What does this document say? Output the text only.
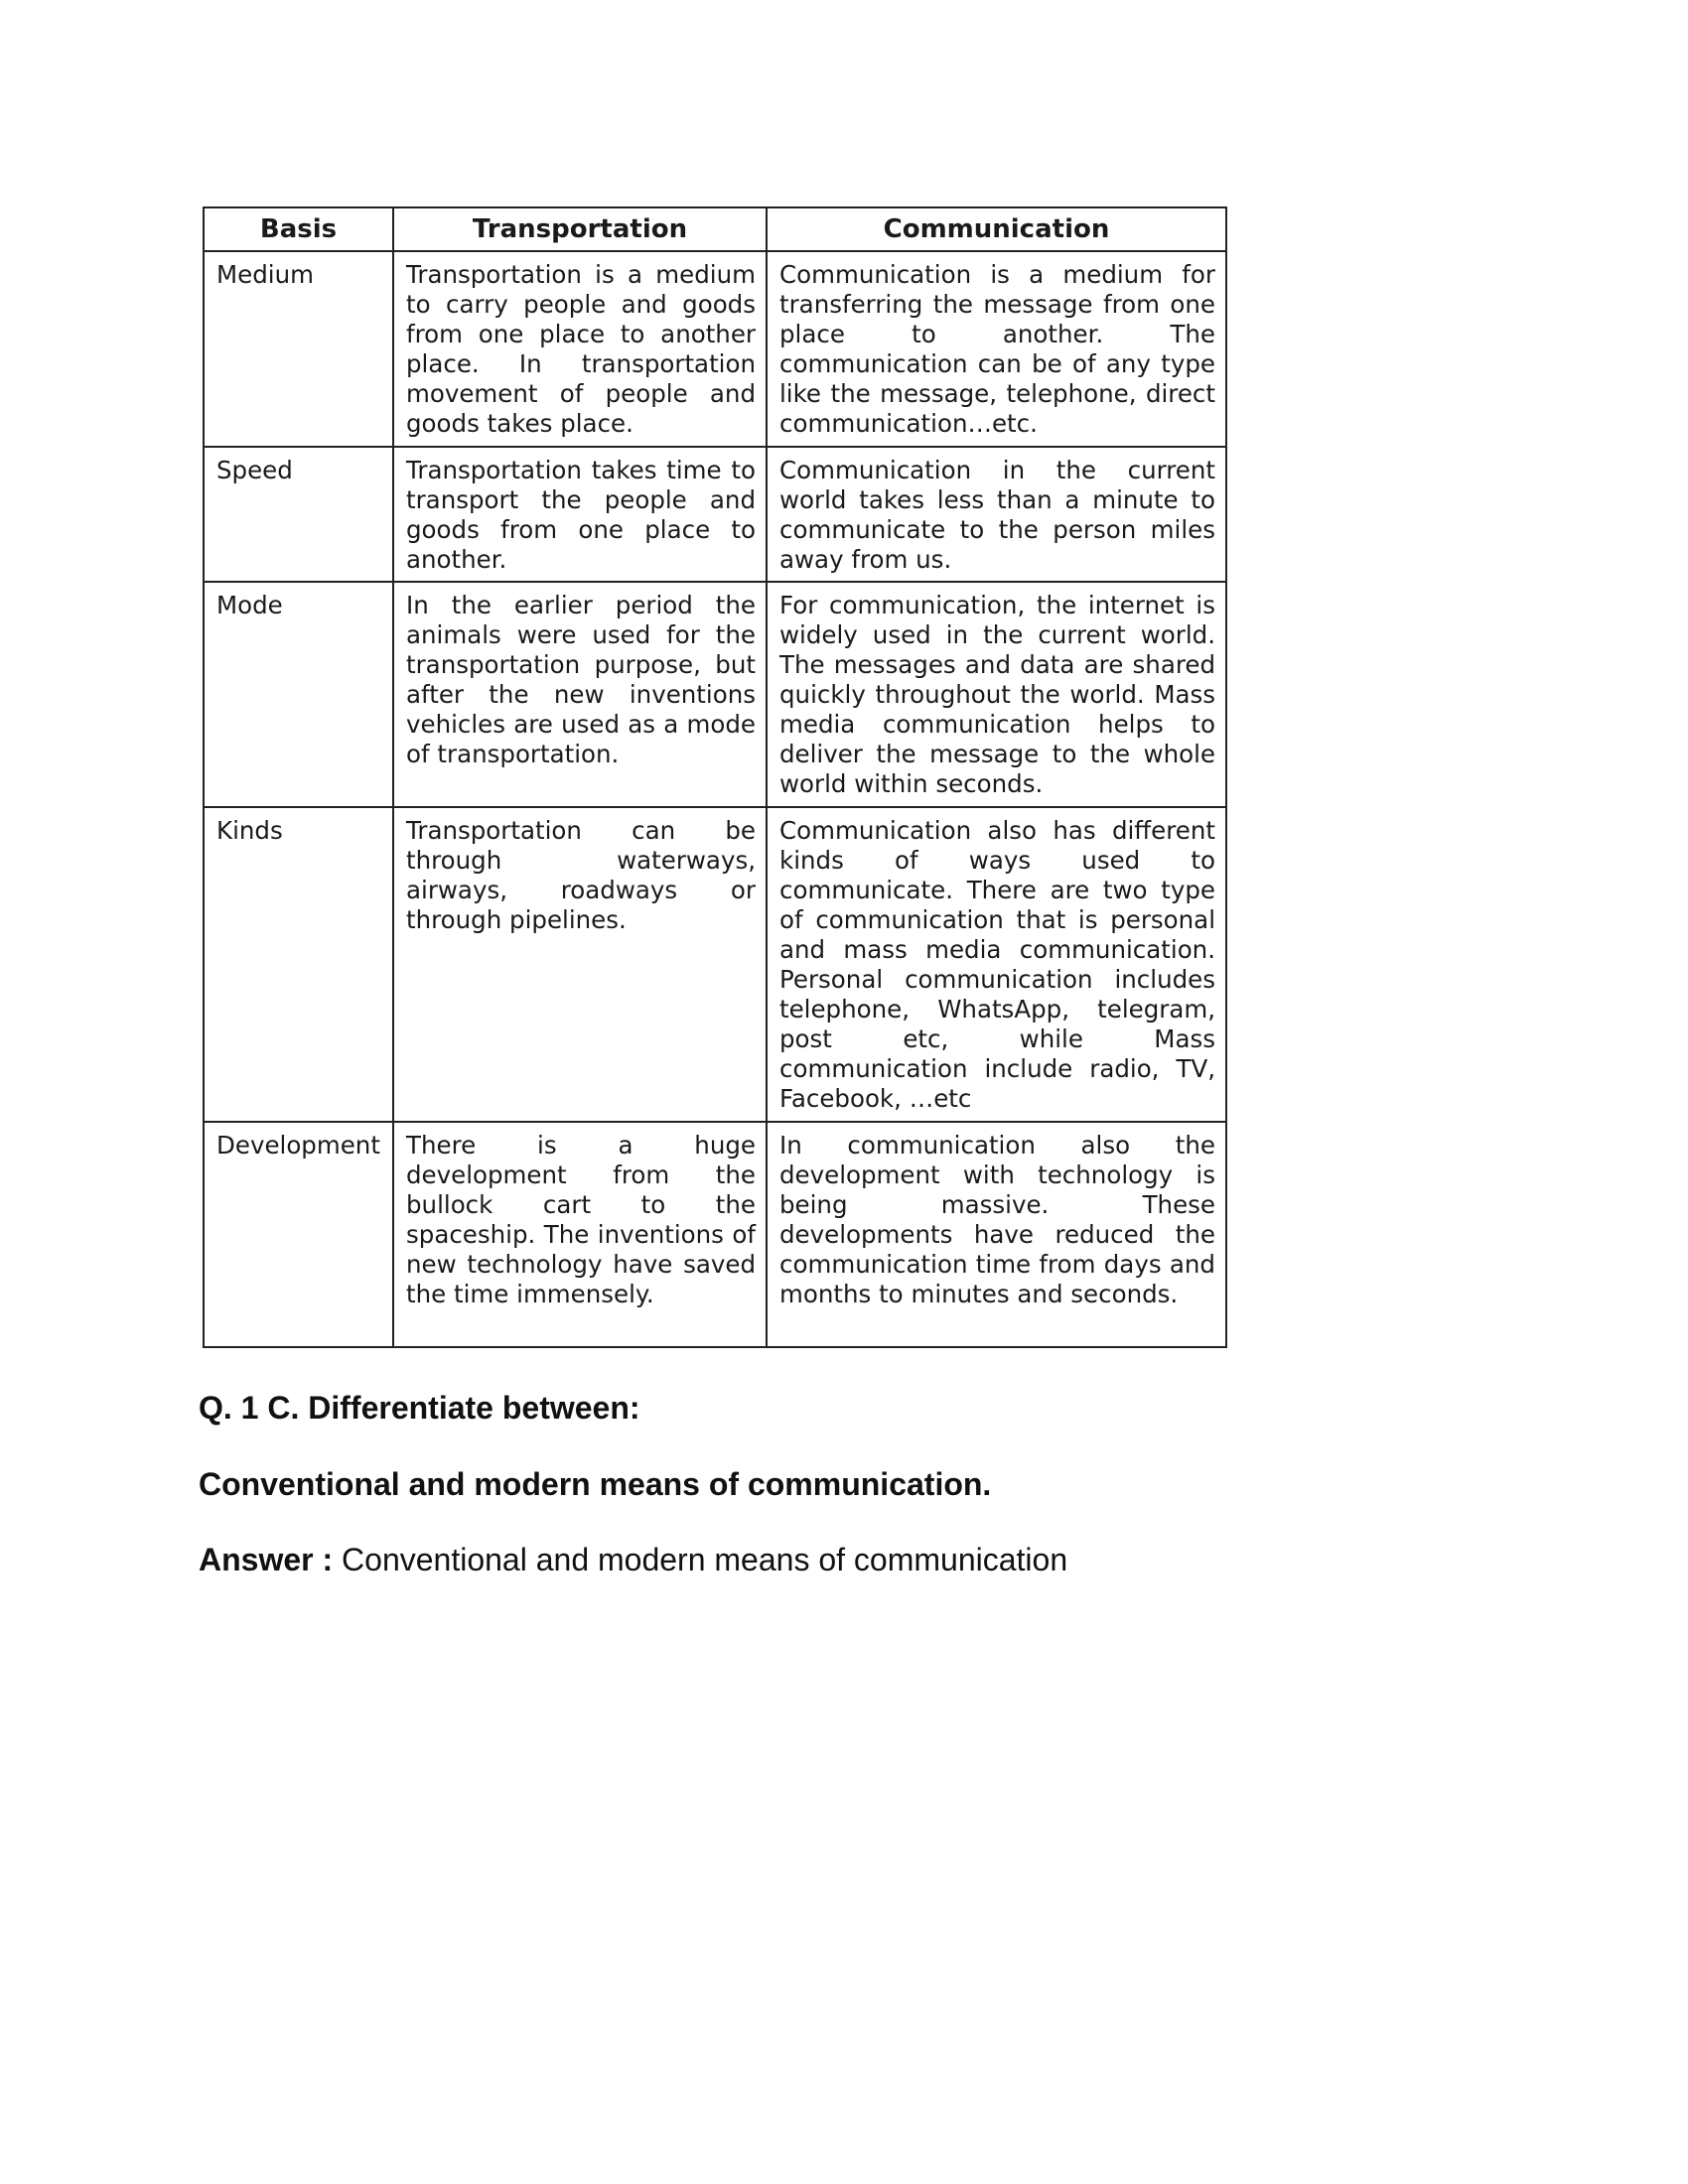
Basis	Transportation	Communication
Medium	Transportation is a medium to carry people and goods from one place to another place. In transportation movement of people and goods takes place.	Communication is a medium for transferring the message from one place to another. The communication can be of any type like the message, telephone, direct communication…etc.
Speed	Transportation takes time to transport the people and goods from one place to another.	Communication in the current world takes less than a minute to communicate to the person miles away from us.
Mode	In the earlier period the animals were used for the transportation purpose, but after the new inventions vehicles are used as a mode of transportation.	For communication, the internet is widely used in the current world. The messages and data are shared quickly throughout the world. Mass media communication helps to deliver the message to the whole world within seconds.
Kinds	Transportation can be through waterways, airways, roadways or through pipelines.	Communication also has different kinds of ways used to communicate. There are two type of communication that is personal and mass media communication. Personal communication includes telephone, WhatsApp, telegram, post etc, while Mass communication include radio, TV, Facebook, …etc
Development	There is a huge development from the bullock cart to the spaceship. The inventions of new technology have saved the time immensely.	In communication also the development with technology is being massive. These developments have reduced the communication time from days and months to minutes and seconds.
Q. 1 C. Differentiate between:
Conventional and modern means of communication.
Answer : Conventional and modern means of communication
